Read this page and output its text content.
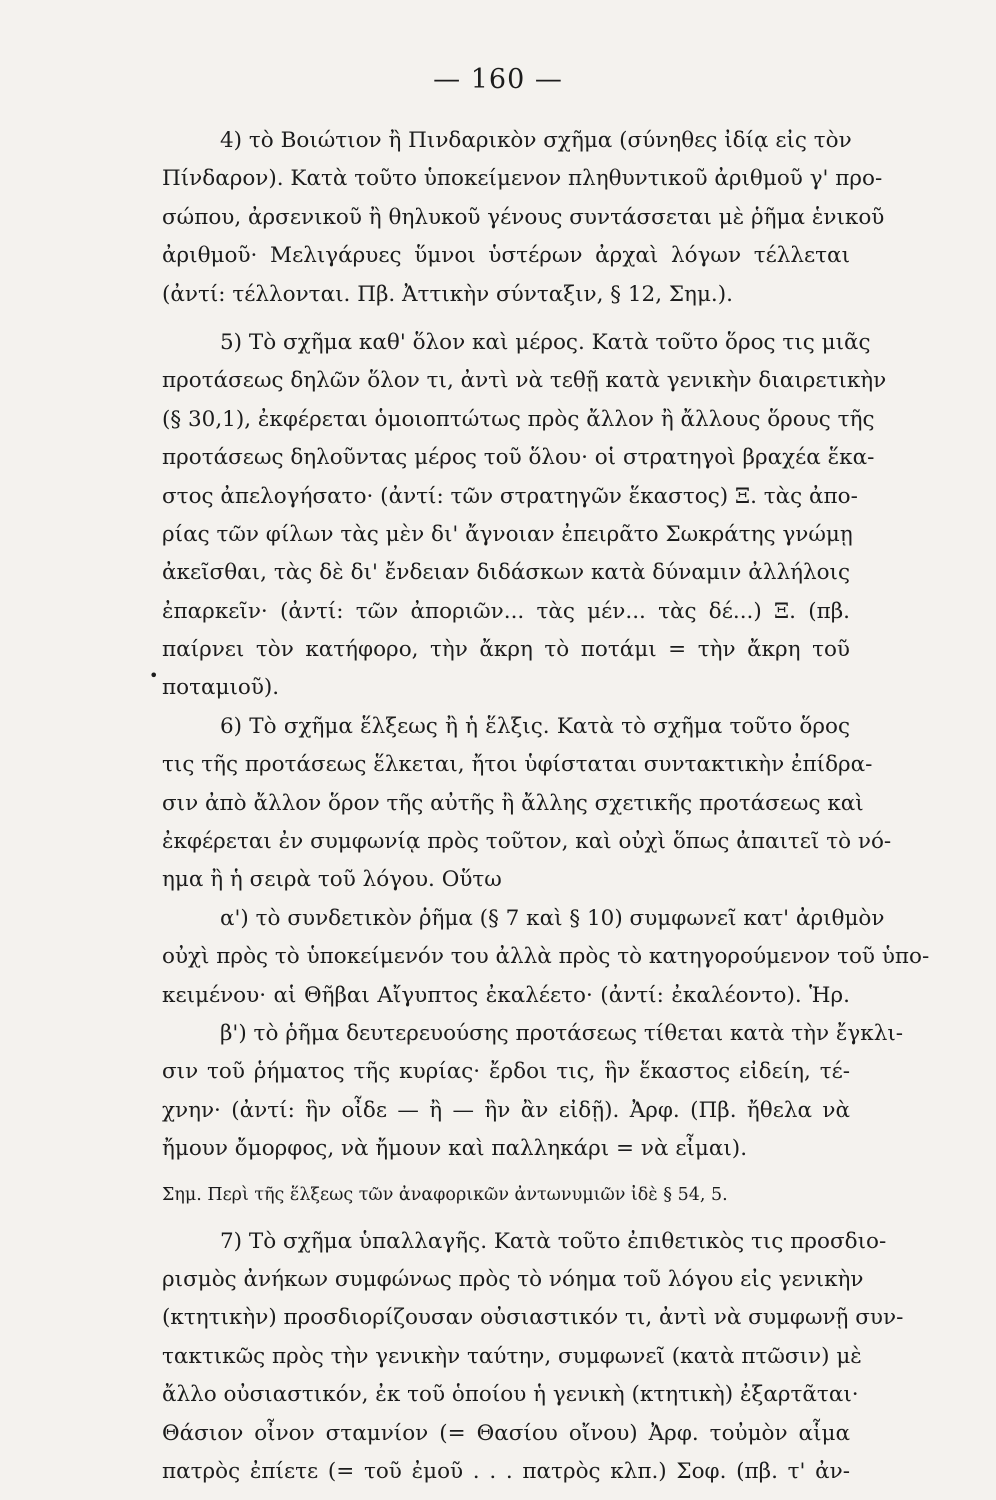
— 160 —
•
4) τὸ Βοιώτιον ἢ Πινδαρικὸν σχῆμα (σύνηθες ἰδίᾳ εἰς τὸν
Πίνδαρον). Κατὰ τοῦτο ὑποκείμενον πληθυντικοῦ ἀριθμοῦ γ' προ-
σώπου, ἀρσενικοῦ ἢ θηλυκοῦ γένους συντάσσεται μὲ ῥῆμα ἑνικοῦ
ἀριθμοῦ· Μελιγάρυες ὕμνοι ὑστέρων ἀρχαὶ λόγων τέλλεται
(ἀντί: τέλλονται. Πβ. Ἀττικὴν σύνταξιν, § 12, Σημ.).
5) Τὸ σχῆμα καθ' ὅλον καὶ μέρος. Κατὰ τοῦτο ὅρος τις μιᾶς
προτάσεως δηλῶν ὅλον τι, ἀντὶ νὰ τεθῇ κατὰ γενικὴν διαιρετικὴν
(§ 30,1), ἐκφέρεται ὁμοιοπτώτως πρὸς ἄλλον ἢ ἄλλους ὅρους τῆς
προτάσεως δηλοῦντας μέρος τοῦ ὅλου· οἱ στρατηγοὶ βραχέα ἕκα-
στος ἀπελογήσατο· (ἀντί: τῶν στρατηγῶν ἕκαστος) Ξ. τὰς ἀπο-
ρίας τῶν φίλων τὰς μὲν δι' ἄγνοιαν ἐπειρᾶτο Σωκράτης γνώμῃ
ἀκεῖσθαι, τὰς δὲ δι' ἔνδειαν διδάσκων κατὰ δύναμιν ἀλλήλοις
ἐπαρκεῖν· (ἀντί: τῶν ἀποριῶν... τὰς μέν... τὰς δέ...) Ξ. (πβ.
παίρνει τὸν κατήφορο, τὴν ἄκρη τὸ ποτάμι = τὴν ἄκρη τοῦ
ποταμιοῦ).
6) Τὸ σχῆμα ἕλξεως ἢ ἡ ἕλξις. Κατὰ τὸ σχῆμα τοῦτο ὅρος
τις τῆς προτάσεως ἕλκεται, ἤτοι ὑφίσταται συντακτικὴν ἐπίδρα-
σιν ἀπὸ ἄλλον ὅρον τῆς αὐτῆς ἢ ἄλλης σχετικῆς προτάσεως καὶ
ἐκφέρεται ἐν συμφωνίᾳ πρὸς τοῦτον, καὶ οὐχὶ ὅπως ἀπαιτεῖ τὸ νό-
ημα ἢ ἡ σειρὰ τοῦ λόγου. Οὕτω
α') τὸ συνδετικὸν ῥῆμα (§ 7 καὶ § 10) συμφωνεῖ κατ' ἀριθμὸν
οὐχὶ πρὸς τὸ ὑποκείμενόν του ἀλλὰ πρὸς τὸ κατηγορούμενον τοῦ ὑπο-
κειμένου· αἱ Θῆβαι Αἴγυπτος ἐκαλέετο· (ἀντί: ἐκαλέοντο). Ἡρ.
β') τὸ ῥῆμα δευτερευούσης προτάσεως τίθεται κατὰ τὴν ἔγκλι-
σιν τοῦ ῥήματος τῆς κυρίας· ἔρδοι τις, ἣν ἕκαστος εἰδείη, τέ-
χνην· (ἀντί: ἣν οἶδε — ἢ — ἣν ἂν εἰδῇ). Ἀρφ. (Πβ. ἤθελα νὰ
ἤμουν ὄμορφος, νὰ ἤμουν καὶ παλληκάρι = νὰ εἶμαι).
Σημ. Περὶ τῆς ἕλξεως τῶν ἀναφορικῶν ἀντωνυμιῶν ἰδὲ § 54, 5.
7) Τὸ σχῆμα ὑπαλλαγῆς. Κατὰ τοῦτο ἐπιθετικὸς τις προσδιο-
ρισμὸς ἀνήκων συμφώνως πρὸς τὸ νόημα τοῦ λόγου εἰς γενικὴν
(κτητικὴν) προσδιορίζουσαν οὐσιαστικόν τι, ἀντὶ νὰ συμφωνῇ συν-
τακτικῶς πρὸς τὴν γενικὴν ταύτην, συμφωνεῖ (κατὰ πτῶσιν) μὲ
ἄλλο οὐσιαστικόν, ἐκ τοῦ ὁποίου ἡ γενικὴ (κτητικὴ) ἐξαρτᾶται·
Θάσιον οἶνον σταμνίον (= Θασίου οἴνου) Ἀρφ. τοὐμὸν αἷμα
πατρὸς ἐπίετε (= τοῦ ἐμοῦ . . . πατρὸς κλπ.) Σοφ. (πβ. τ' ἀν-
